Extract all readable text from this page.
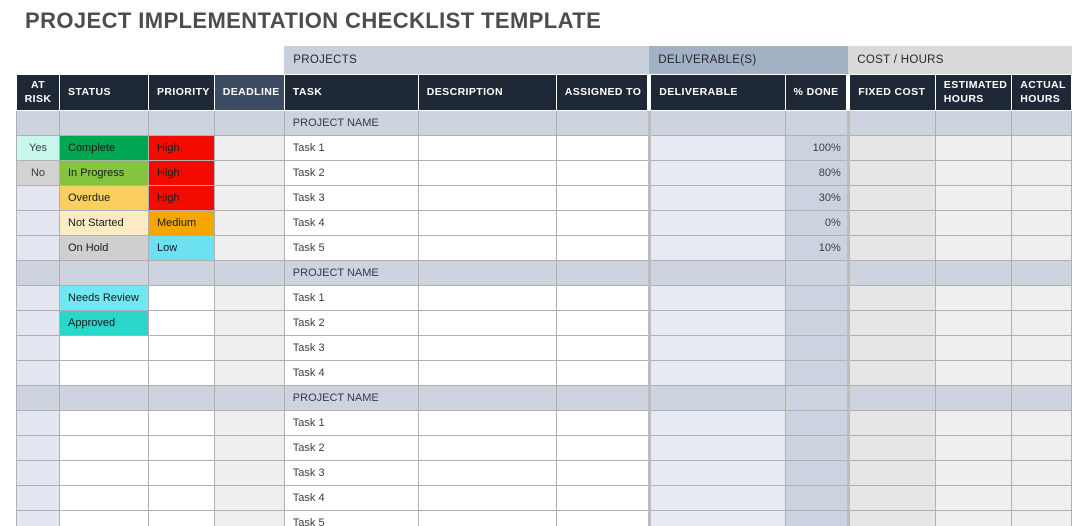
PROJECT IMPLEMENTATION CHECKLIST TEMPLATE
				PROJECTS			DELIVERABLE(S)		COST / HOURS		
AT RISK	STATUS	PRIORITY	DEADLINE	TASK	DESCRIPTION	ASSIGNED TO	DELIVERABLE	% DONE	FIXED COST	ESTIMATED HOURS	ACTUAL HOURS
				PROJECT NAME							
Yes	Complete	High		Task 1				100%			
No	In Progress	High		Task 2				80%			
	Overdue	High		Task 3				30%			
	Not Started	Medium		Task 4				0%			
	On Hold	Low		Task 5				10%			
				PROJECT NAME							
	Needs Review			Task 1							
	Approved			Task 2							
				Task 3							
				Task 4							
				PROJECT NAME							
				Task 1							
				Task 2							
				Task 3							
				Task 4							
				Task 5							
